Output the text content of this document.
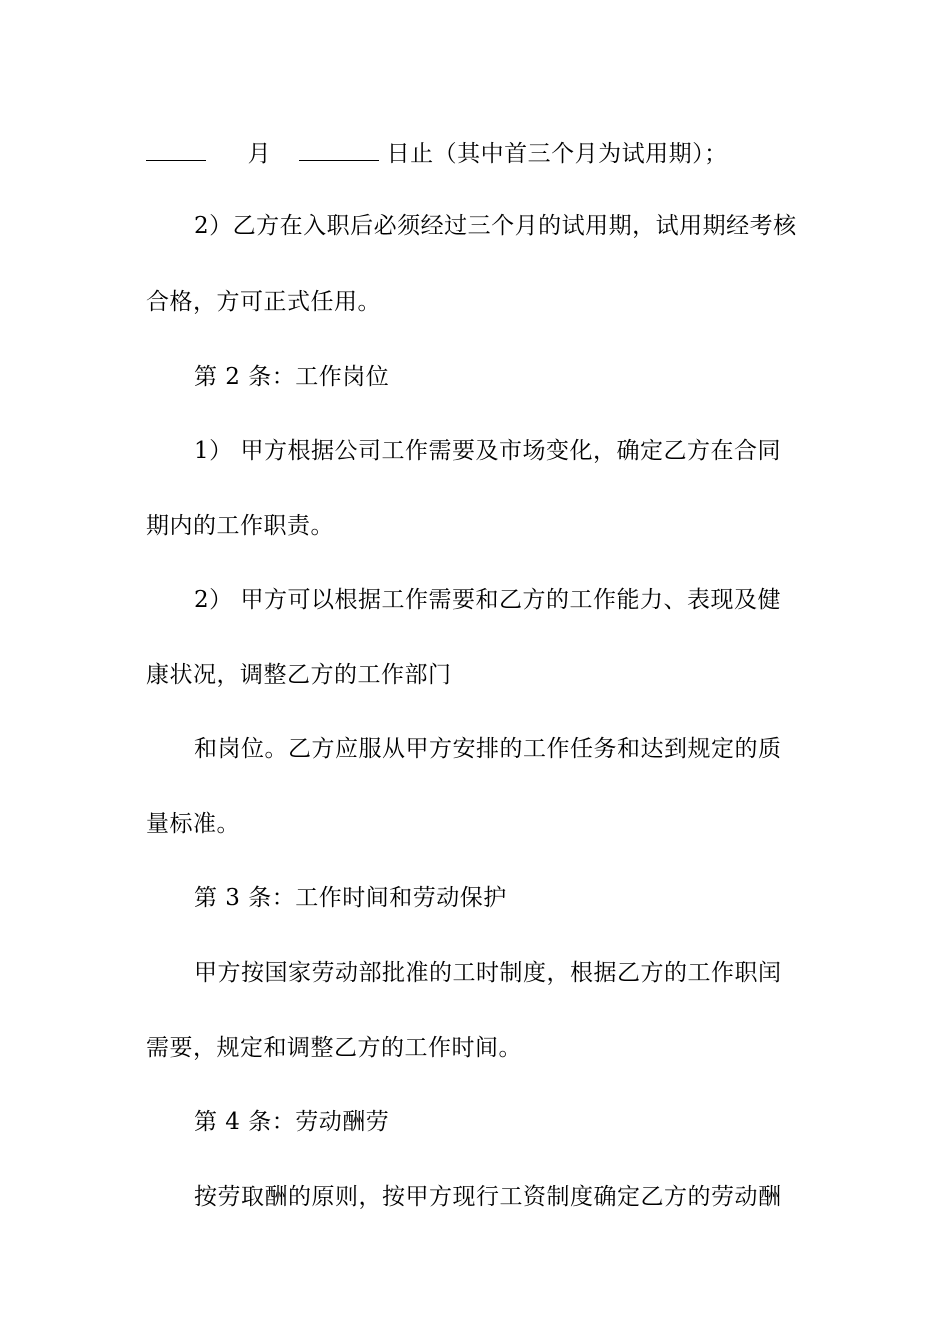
月	日止（其中首三个月为试用期）；
2）乙方在入职后必须经过三个月的试用期，试用期经考核
合格，方可正式任用。
第 2 条：工作岗位
1） 甲方根据公司工作需要及市场变化，确定乙方在合同
期内的工作职责。
2） 甲方可以根据工作需要和乙方的工作能力、表现及健
康状况，调整乙方的工作部门
和岗位。乙方应服从甲方安排的工作任务和达到规定的质
量标准。
第 3 条：工作时间和劳动保护
甲方按国家劳动部批准的工时制度，根据乙方的工作职闰
需要，规定和调整乙方的工作时间。
第 4 条：劳动酬劳
按劳取酬的原则，按甲方现行工资制度确定乙方的劳动酬
